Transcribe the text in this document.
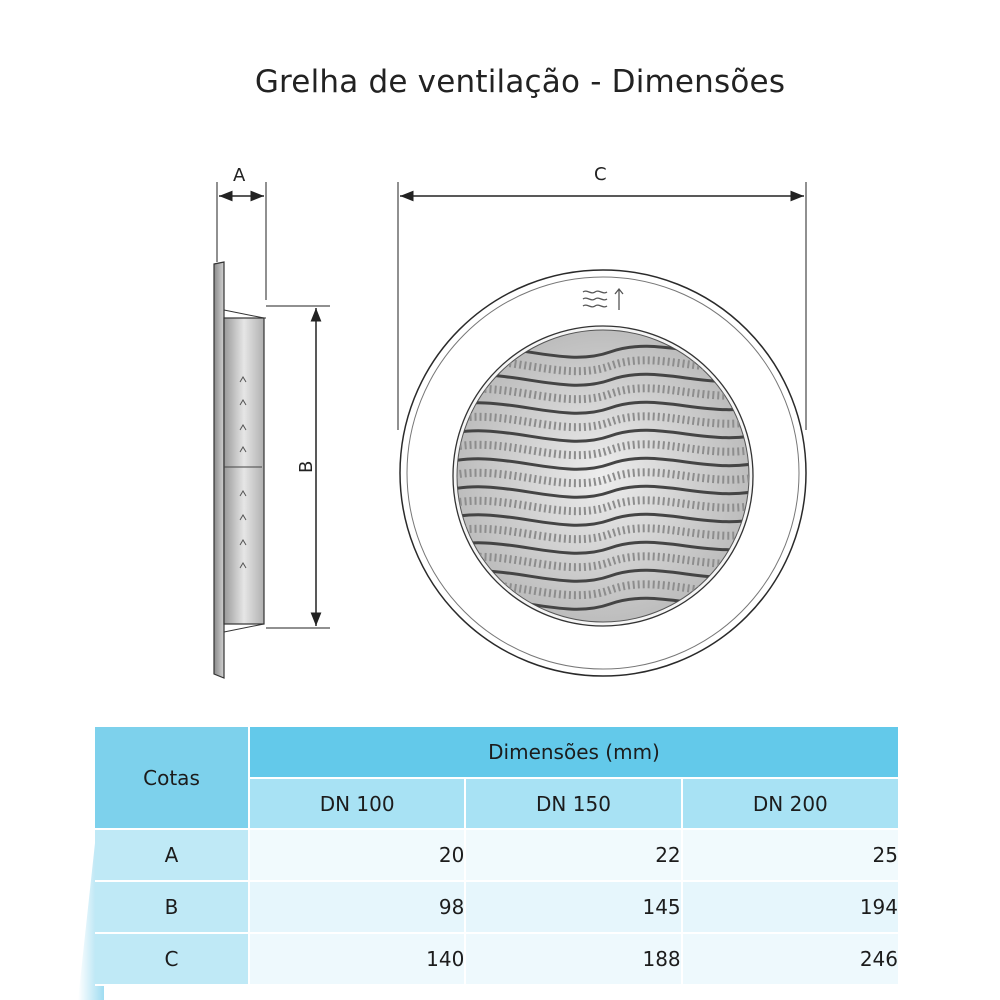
Grelha de ventilação - Dimensões
A
B
C
Cotas	Dimensões (mm)		
	DN 100	DN 150	DN 200
A	20	22	25
B	98	145	194
C	140	188	246
